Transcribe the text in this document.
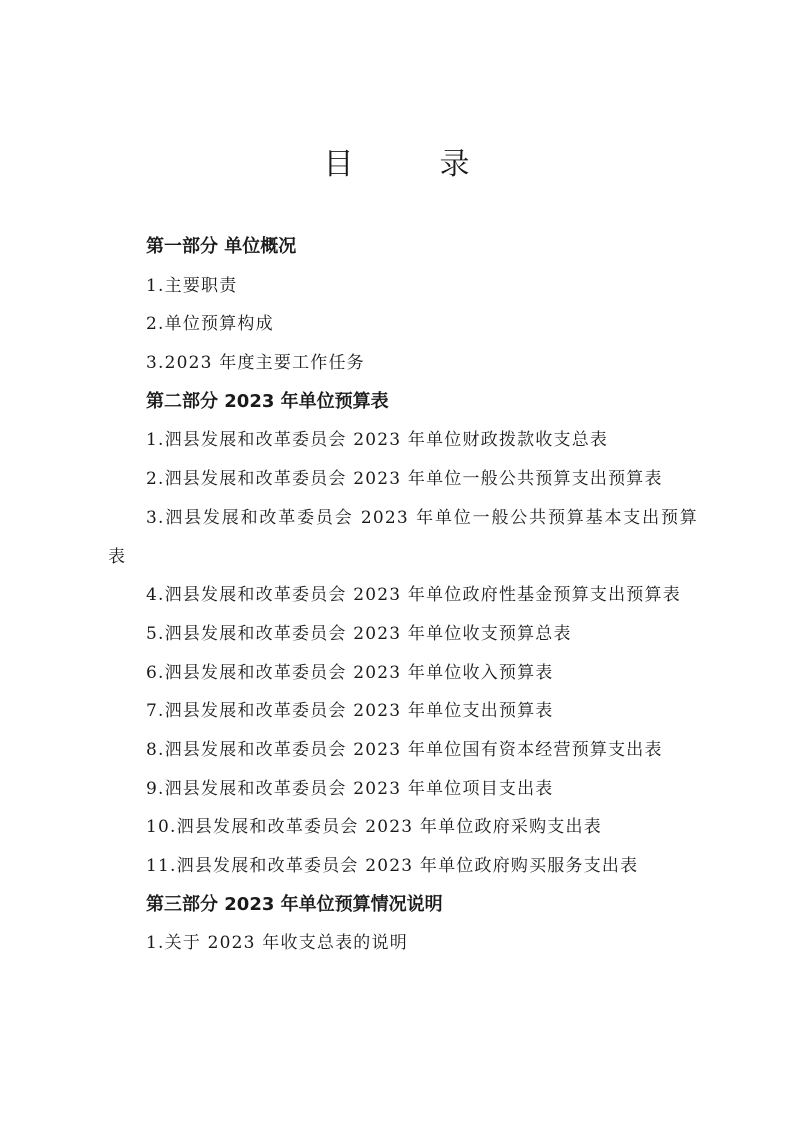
目　录
第一部分 单位概况
1.主要职责
2.单位预算构成
3.2023 年度主要工作任务
第二部分 2023 年单位预算表
1.泗县发展和改革委员会 2023 年单位财政拨款收支总表
2.泗县发展和改革委员会 2023 年单位一般公共预算支出预算表
3.泗县发展和改革委员会 2023 年单位一般公共预算基本支出预算表
4.泗县发展和改革委员会 2023 年单位政府性基金预算支出预算表
5.泗县发展和改革委员会 2023 年单位收支预算总表
6.泗县发展和改革委员会 2023 年单位收入预算表
7.泗县发展和改革委员会 2023 年单位支出预算表
8.泗县发展和改革委员会 2023 年单位国有资本经营预算支出表
9.泗县发展和改革委员会 2023 年单位项目支出表
10.泗县发展和改革委员会 2023 年单位政府采购支出表
11.泗县发展和改革委员会 2023 年单位政府购买服务支出表
第三部分 2023 年单位预算情况说明
1.关于 2023 年收支总表的说明
